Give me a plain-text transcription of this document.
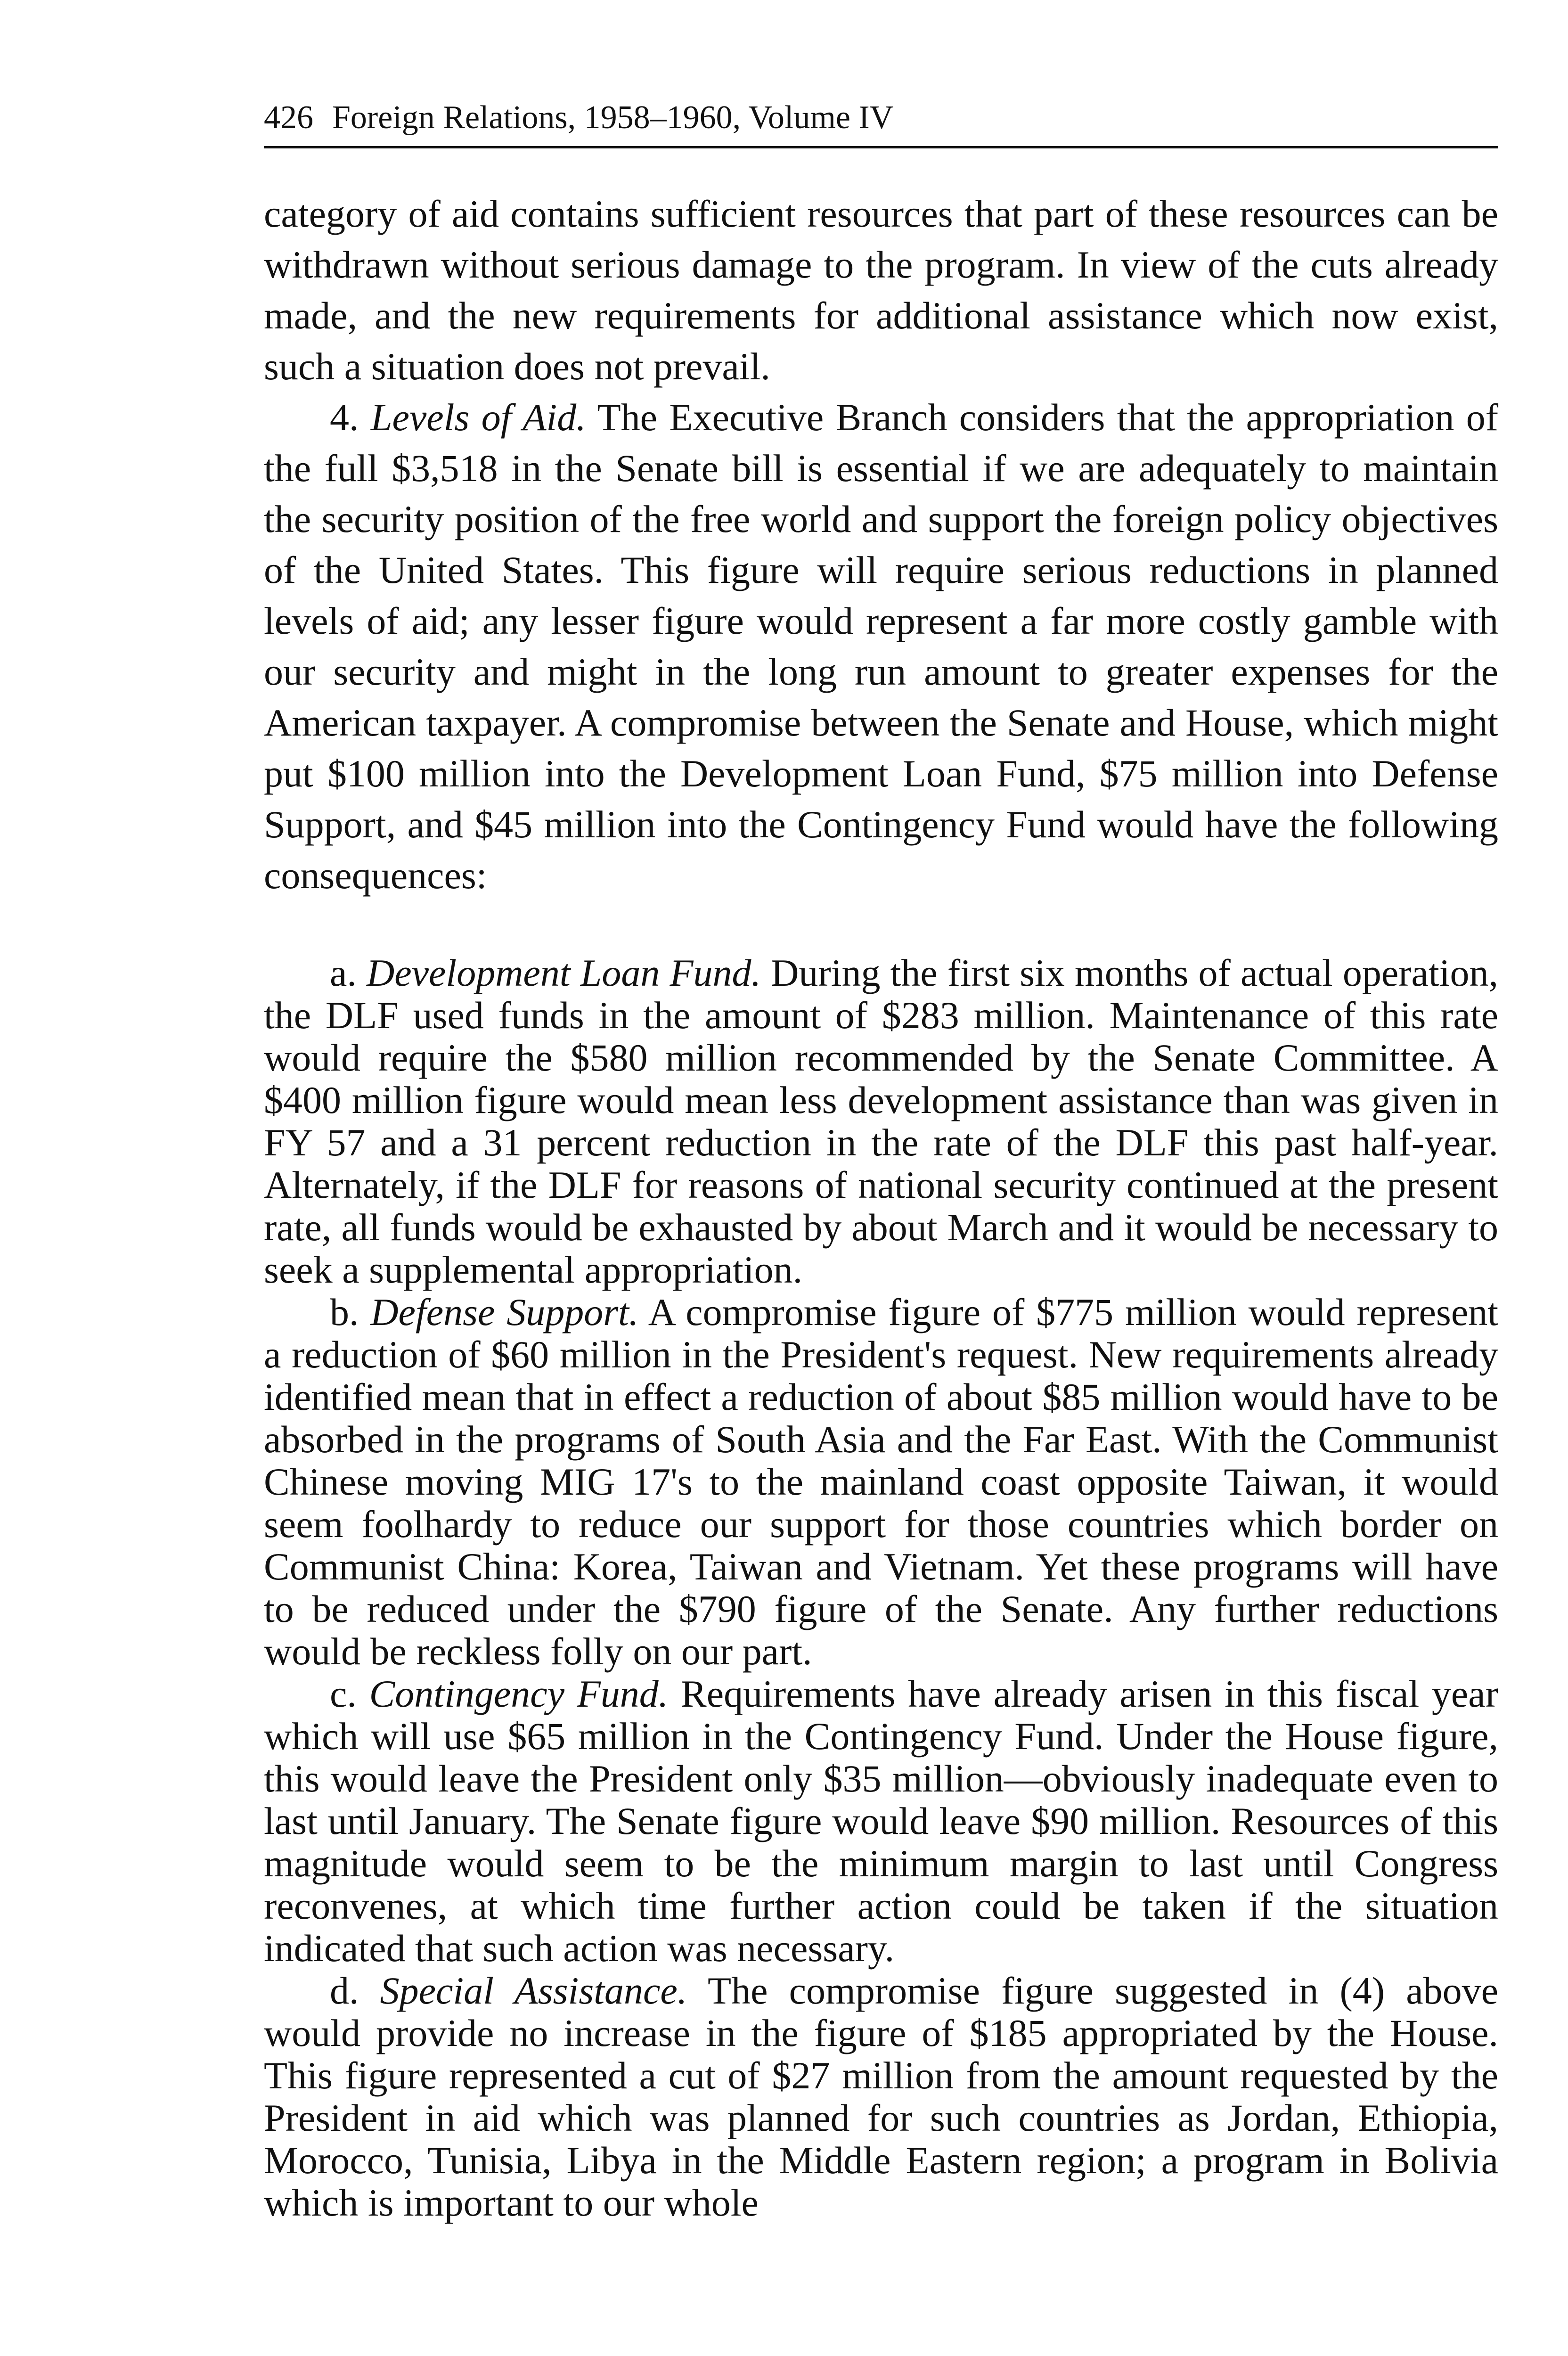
426 Foreign Relations, 1958–1960, Volume IV

category of aid contains sufficient resources that part of these resources can be withdrawn without serious damage to the program. In view of the cuts already made, and the new requirements for additional assistance which now exist, such a situation does not prevail.

4. Levels of Aid. The Executive Branch considers that the appropriation of the full $3,518 in the Senate bill is essential if we are adequately to maintain the security position of the free world and support the foreign policy objectives of the United States. This figure will require serious reductions in planned levels of aid; any lesser figure would represent a far more costly gamble with our security and might in the long run amount to greater expenses for the American taxpayer. A compromise between the Senate and House, which might put $100 million into the Development Loan Fund, $75 million into Defense Support, and $45 million into the Contingency Fund would have the following consequences:

a. Development Loan Fund. During the first six months of actual operation, the DLF used funds in the amount of $283 million. Maintenance of this rate would require the $580 million recommended by the Senate Committee. A $400 million figure would mean less development assistance than was given in FY 57 and a 31 percent reduction in the rate of the DLF this past half-year. Alternately, if the DLF for reasons of national security continued at the present rate, all funds would be exhausted by about March and it would be necessary to seek a supplemental appropriation.

b. Defense Support. A compromise figure of $775 million would represent a reduction of $60 million in the President's request. New requirements already identified mean that in effect a reduction of about $85 million would have to be absorbed in the programs of South Asia and the Far East. With the Communist Chinese moving MIG 17's to the mainland coast opposite Taiwan, it would seem foolhardy to reduce our support for those countries which border on Communist China: Korea, Taiwan and Vietnam. Yet these programs will have to be reduced under the $790 figure of the Senate. Any further reductions would be reckless folly on our part.

c. Contingency Fund. Requirements have already arisen in this fiscal year which will use $65 million in the Contingency Fund. Under the House figure, this would leave the President only $35 million—obviously inadequate even to last until January. The Senate figure would leave $90 million. Resources of this magnitude would seem to be the minimum margin to last until Congress reconvenes, at which time further action could be taken if the situation indicated that such action was necessary.

d. Special Assistance. The compromise figure suggested in (4) above would provide no increase in the figure of $185 appropriated by the House. This figure represented a cut of $27 million from the amount requested by the President in aid which was planned for such countries as Jordan, Ethiopia, Morocco, Tunisia, Libya in the Middle Eastern region; a program in Bolivia which is important to our whole
